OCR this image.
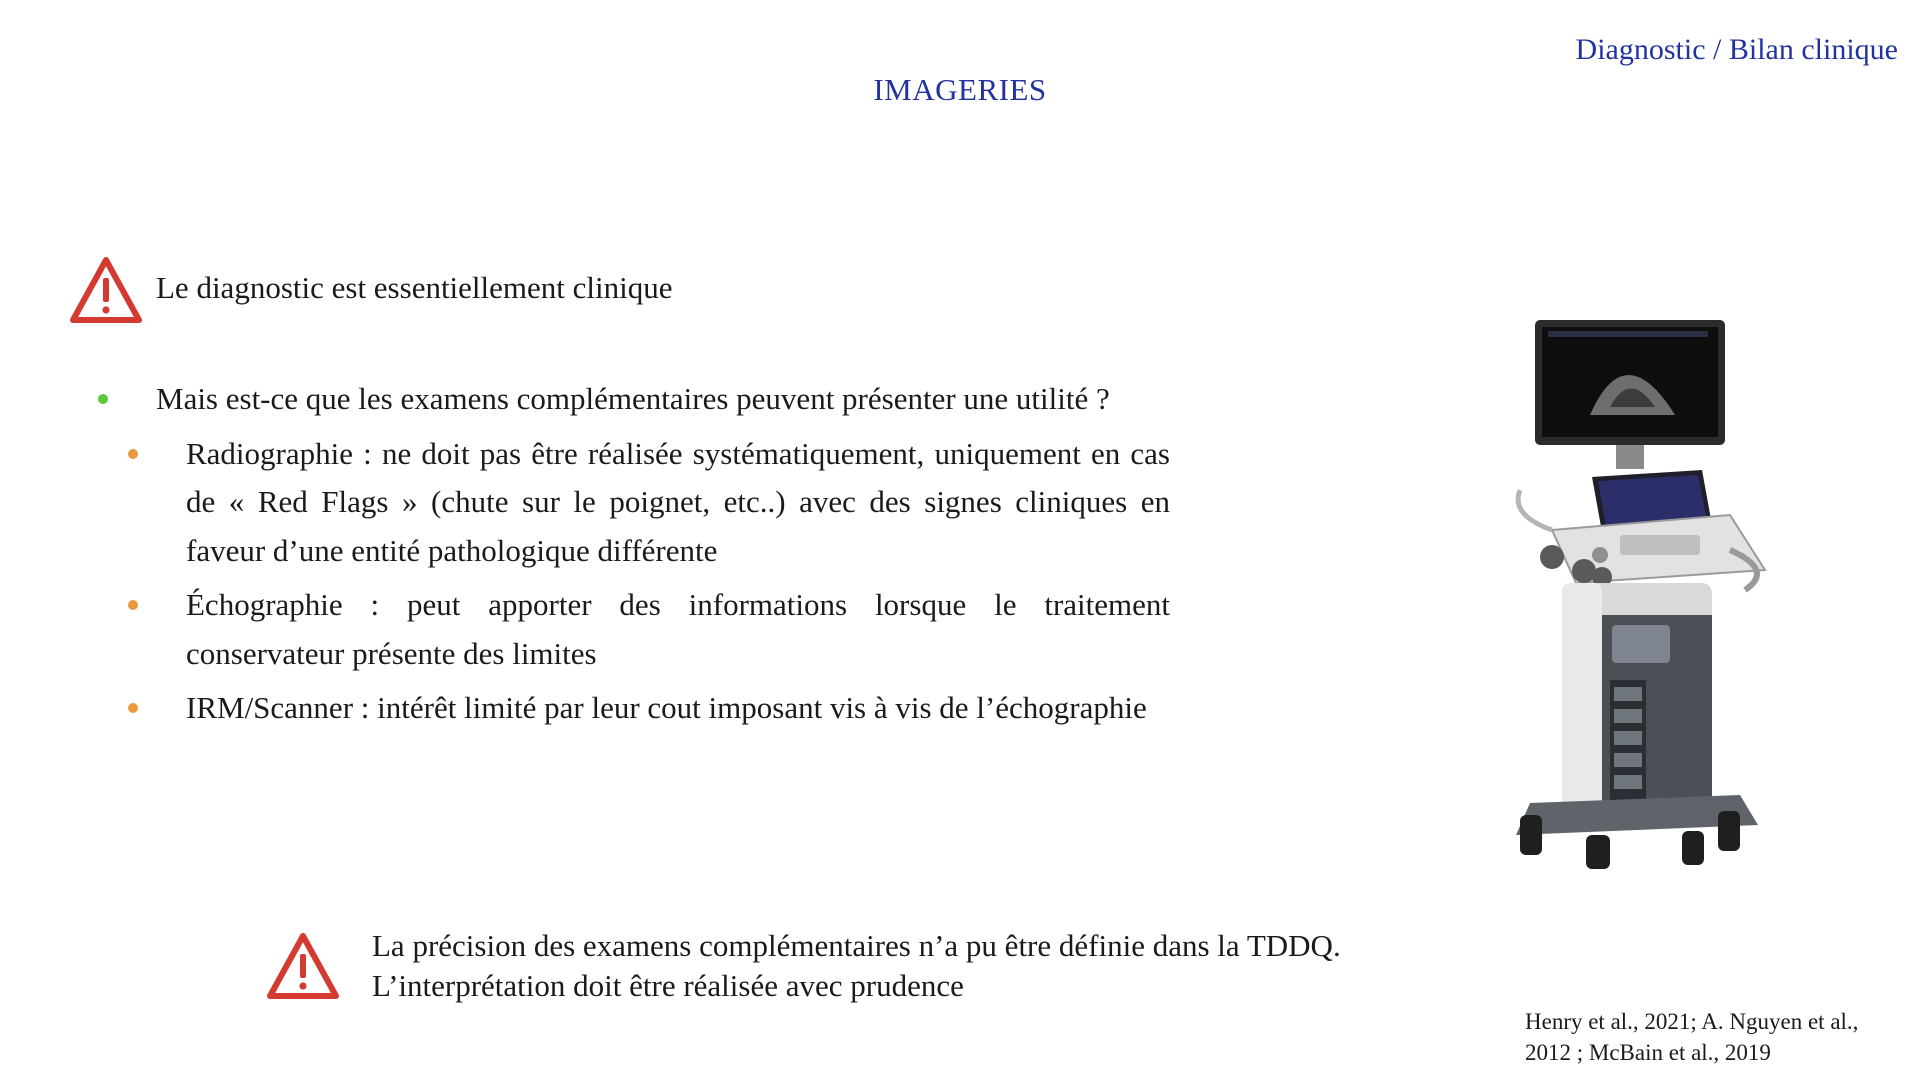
Diagnostic / Bilan clinique
IMAGERIES
Le diagnostic est essentiellement clinique
Mais est-ce que les examens complémentaires peuvent présenter une utilité ?
Radiographie : ne doit pas être réalisée systématiquement, uniquement en cas de « Red Flags » (chute sur le poignet, etc..) avec des signes cliniques en faveur d’une entité pathologique différente
Échographie : peut apporter des informations lorsque le traitement conservateur présente des limites
IRM/Scanner : intérêt limité par leur cout imposant vis à vis de l’échographie
La précision des examens complémentaires n’a pu être définie dans la TDDQ.
L’interprétation doit être réalisée avec prudence
Henry et al., 2021; A. Nguyen et al.,
2012 ; McBain et al., 2019
